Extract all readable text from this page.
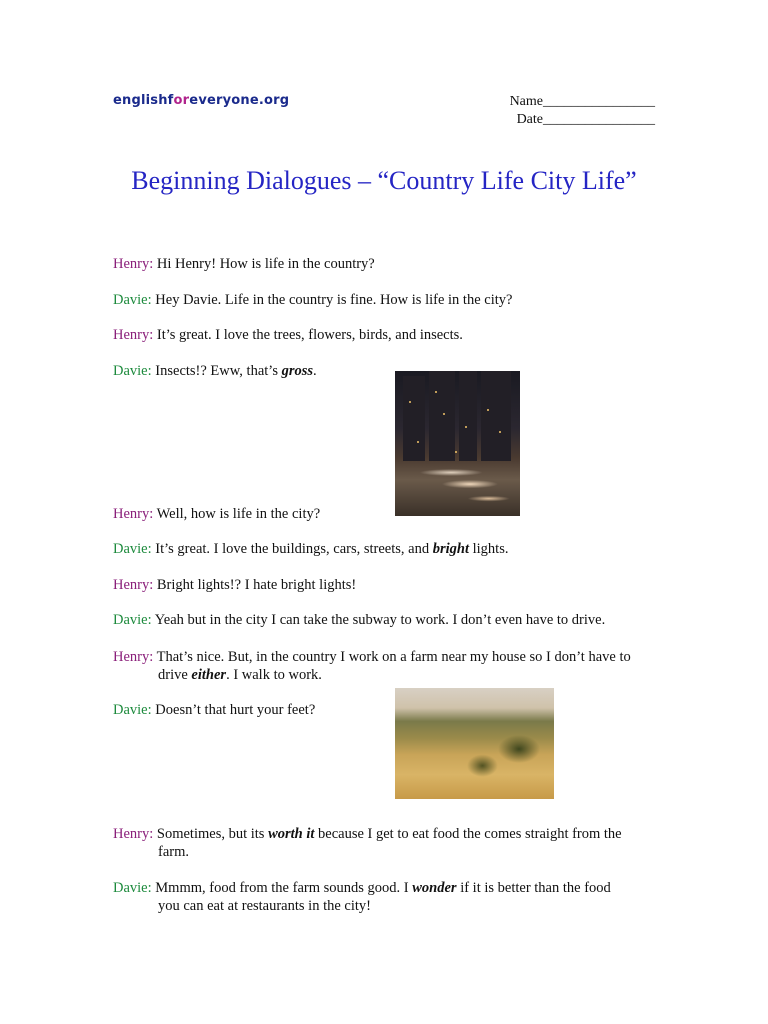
englishforeveryone.org	Name________________
Date________________
Beginning Dialogues – “Country Life City Life”
Henry: Hi Henry! How is life in the country?
Davie: Hey Davie. Life in the country is fine. How is life in the city?
Henry: It’s great. I love the trees, flowers, birds, and insects.
Davie: Insects!? Eww, that’s gross.
Henry: Well, how is life in the city?
Davie: It’s great. I love the buildings, cars, streets, and bright lights.
Henry: Bright lights!? I hate bright lights!
Davie: Yeah but in the city I can take the subway to work. I don’t even have to drive.
Henry: That’s nice. But, in the country I work on a farm near my house so I don’t have to
drive either. I walk to work.
Davie: Doesn’t that hurt your feet?
Henry: Sometimes, but its worth it because I get to eat food the comes straight from the
farm.
Davie: Mmmm, food from the farm sounds good. I wonder if it is better than the food
you can eat at restaurants in the city!
